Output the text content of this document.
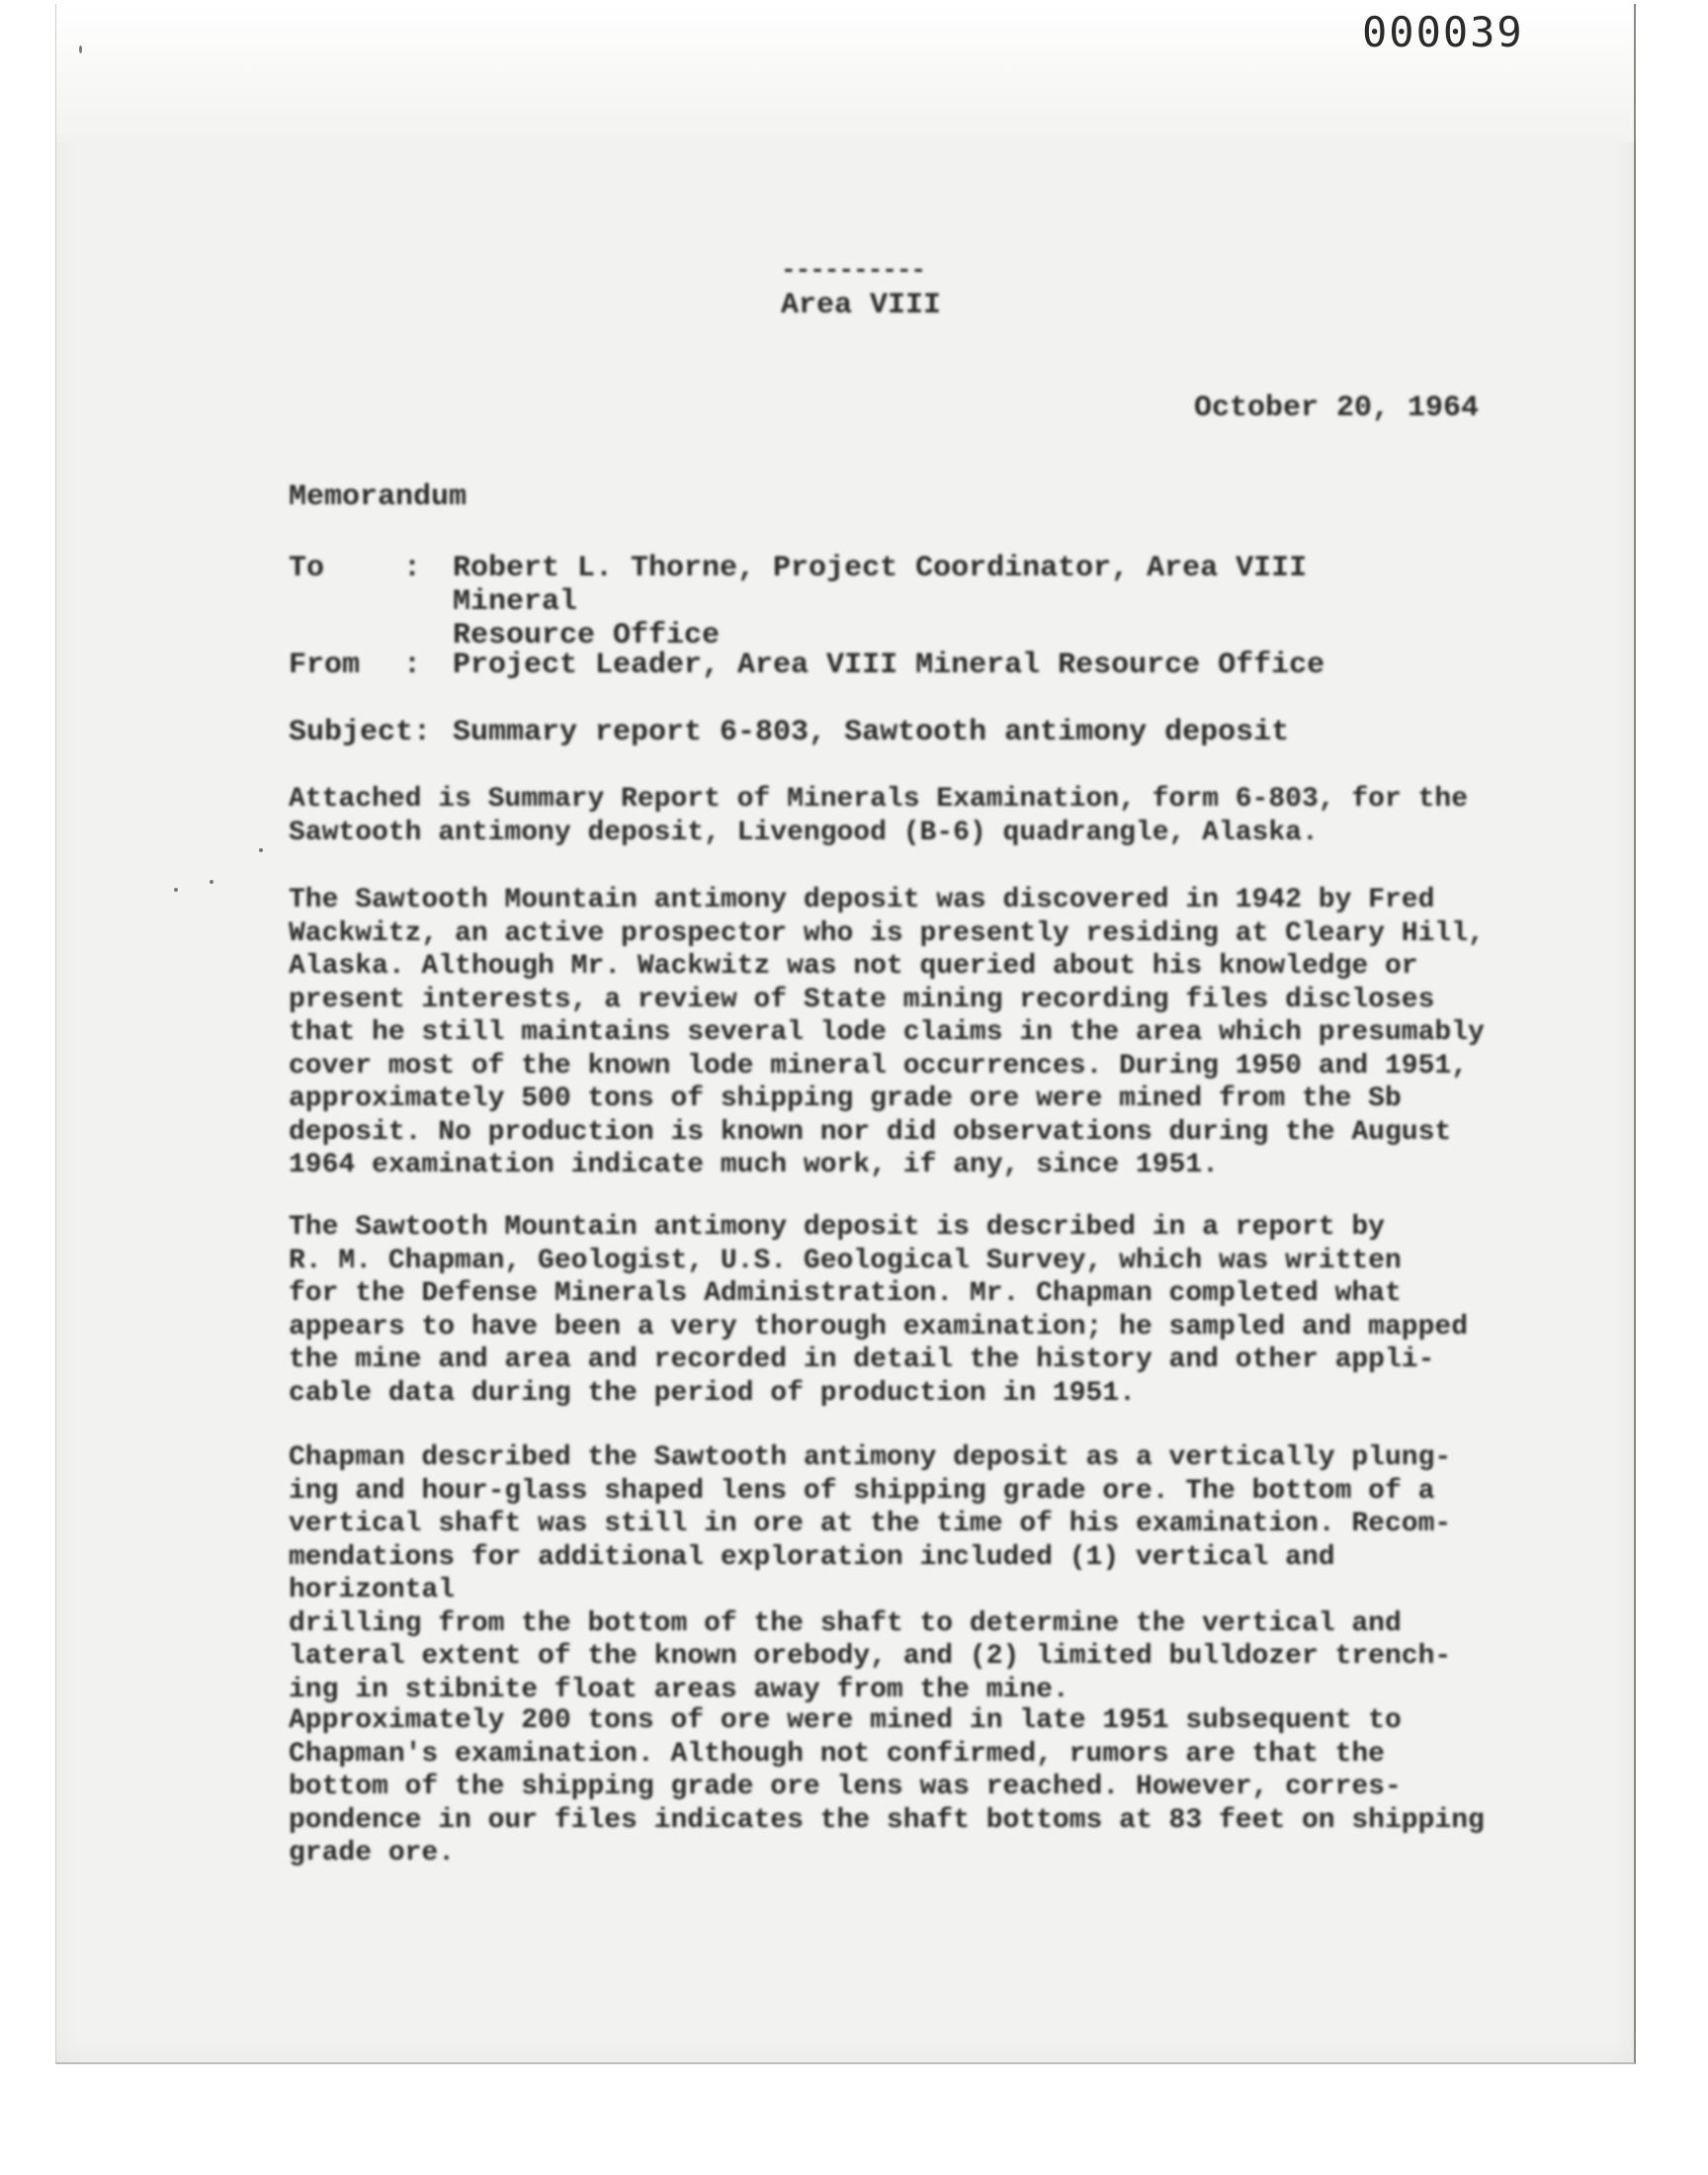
000039
----------
Area VIII
October 20, 1964
Memorandum
To	: Robert L. Thorne, Project Coordinator, Area VIII Mineral
Resource Office
From : Project Leader, Area VIII Mineral Resource Office
Subject: Summary report 6-803, Sawtooth antimony deposit

Attached is Summary Report of Minerals Examination, form 6-803, for the
Sawtooth antimony deposit, Livengood (B-6) quadrangle, Alaska.

The Sawtooth Mountain antimony deposit was discovered in 1942 by Fred
Wackwitz, an active prospector who is presently residing at Cleary Hill,
Alaska. Although Mr. Wackwitz was not queried about his knowledge or
present interests, a review of State mining recording files discloses
that he still maintains several lode claims in the area which presumably
cover most of the known lode mineral occurrences. During 1950 and 1951,
approximately 500 tons of shipping grade ore were mined from the Sb
deposit. No production is known nor did observations during the August
1964 examination indicate much work, if any, since 1951.

The Sawtooth Mountain antimony deposit is described in a report by
R. M. Chapman, Geologist, U.S. Geological Survey, which was written
for the Defense Minerals Administration. Mr. Chapman completed what
appears to have been a very thorough examination; he sampled and mapped
the mine and area and recorded in detail the history and other appli-
cable data during the period of production in 1951.

Chapman described the Sawtooth antimony deposit as a vertically plung-
ing and hour-glass shaped lens of shipping grade ore. The bottom of a
vertical shaft was still in ore at the time of his examination. Recom-
mendations for additional exploration included (1) vertical and horizontal
drilling from the bottom of the shaft to determine the vertical and
lateral extent of the known orebody, and (2) limited bulldozer trench-
ing in stibnite float areas away from the mine.

Approximately 200 tons of ore were mined in late 1951 subsequent to
Chapman's examination. Although not confirmed, rumors are that the
bottom of the shipping grade ore lens was reached. However, corres-
pondence in our files indicates the shaft bottoms at 83 feet on shipping
grade ore.
